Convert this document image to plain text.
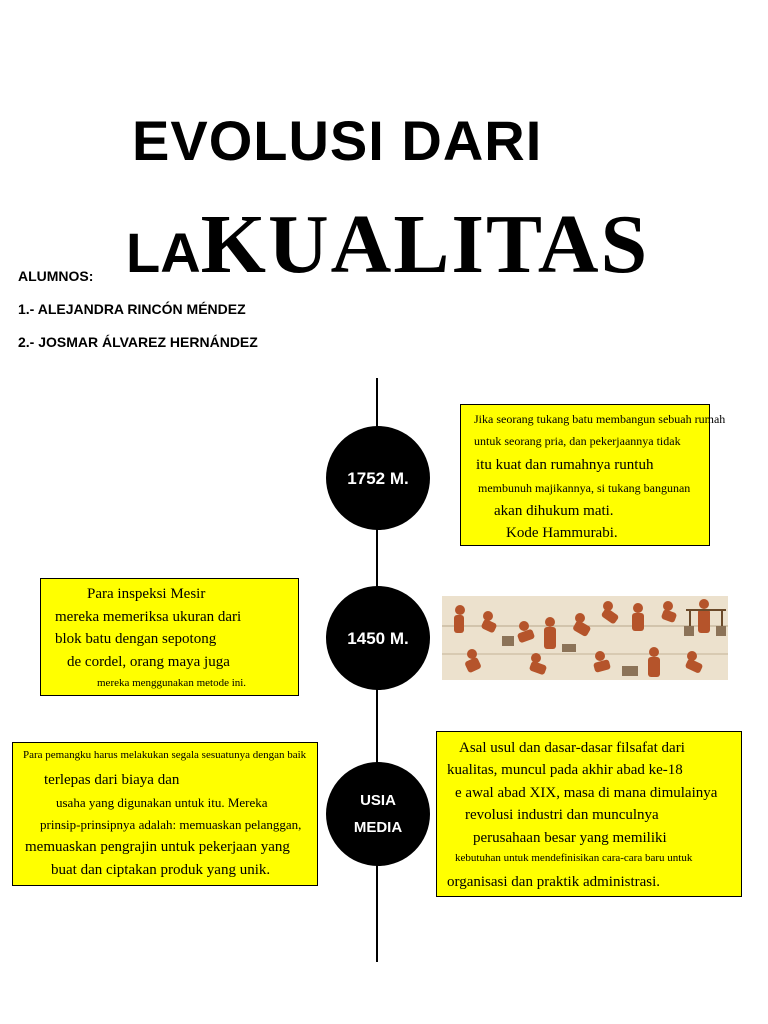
EVOLUSI DARI
LAKUALITAS
ALUMNOS:
1.- ALEJANDRA RINCÓN MÉNDEZ
2.- JOSMAR ÁLVAREZ HERNÁNDEZ
1752 M.
1450 M.
USIA
MEDIA
Jika seorang tukang batu membangun sebuah rumah
untuk seorang pria, dan pekerjaannya tidak
itu kuat dan rumahnya runtuh
membunuh majikannya, si tukang bangunan
akan dihukum mati.
Kode Hammurabi.
Para inspeksi Mesir
mereka memeriksa ukuran dari
blok batu dengan sepotong
de cordel, orang maya juga
mereka menggunakan metode ini.
Para pemangku harus melakukan segala sesuatunya dengan baik
terlepas dari biaya dan
usaha yang digunakan untuk itu. Mereka
prinsip-prinsipnya adalah: memuaskan pelanggan,
memuaskan pengrajin untuk pekerjaan yang
buat dan ciptakan produk yang unik.
Asal usul dan dasar-dasar filsafat dari
kualitas, muncul pada akhir abad ke-18
e awal abad XIX, masa di mana dimulainya
revolusi industri dan munculnya
perusahaan besar yang memiliki
kebutuhan untuk mendefinisikan cara-cara baru untuk
organisasi dan praktik administrasi.
